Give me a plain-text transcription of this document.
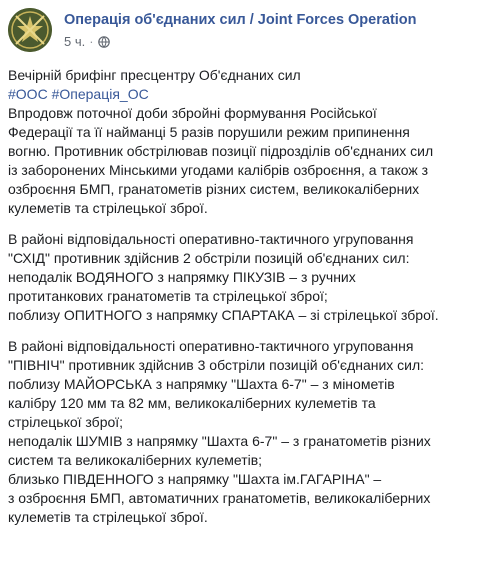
Операція об'єднаних сил / Joint Forces Operation
5 ч. ·

Вечірній брифінг пресцентру Об'єднаних сил
#ООС #Операція_ОС
Впродовж поточної доби збройні формування Російської
Федерації та її найманці 5 разів порушили режим припинення
вогню. Противник обстрілював позиції підрозділів об'єднаних сил
із заборонених Мінськими угодами калібрів озброєння, а також з
озброєння БМП, гранатометів різних систем, великокаліберних
кулеметів та стрілецької зброї.

В районі відповідальності оперативно-тактичного угруповання
"СХІД" противник здійснив 2 обстріли позицій об'єднаних сил:
неподалік ВОДЯНОГО з напрямку ПІКУЗІВ – з ручних
протитанкових гранатометів та стрілецької зброї;
поблизу ОПИТНОГО з напрямку СПАРТАКА – зі стрілецької зброї.

В районі відповідальності оперативно-тактичного угруповання
"ПІВНІЧ" противник здійснив 3 обстріли позицій об'єднаних сил:
поблизу МАЙОРСЬКА з напрямку "Шахта 6-7" – з мінометів
калібру 120 мм та 82 мм, великокаліберних кулеметів та
стрілецької зброї;
неподалік ШУМІВ з напрямку "Шахта 6-7" – з гранатометів різних
систем та великокаліберних кулеметів;
близько ПІВДЕННОГО з напрямку "Шахта ім.ГАГАРІНА" –
з озброєння БМП, автоматичних гранатометів, великокаліберних
кулеметів та стрілецької зброї.
